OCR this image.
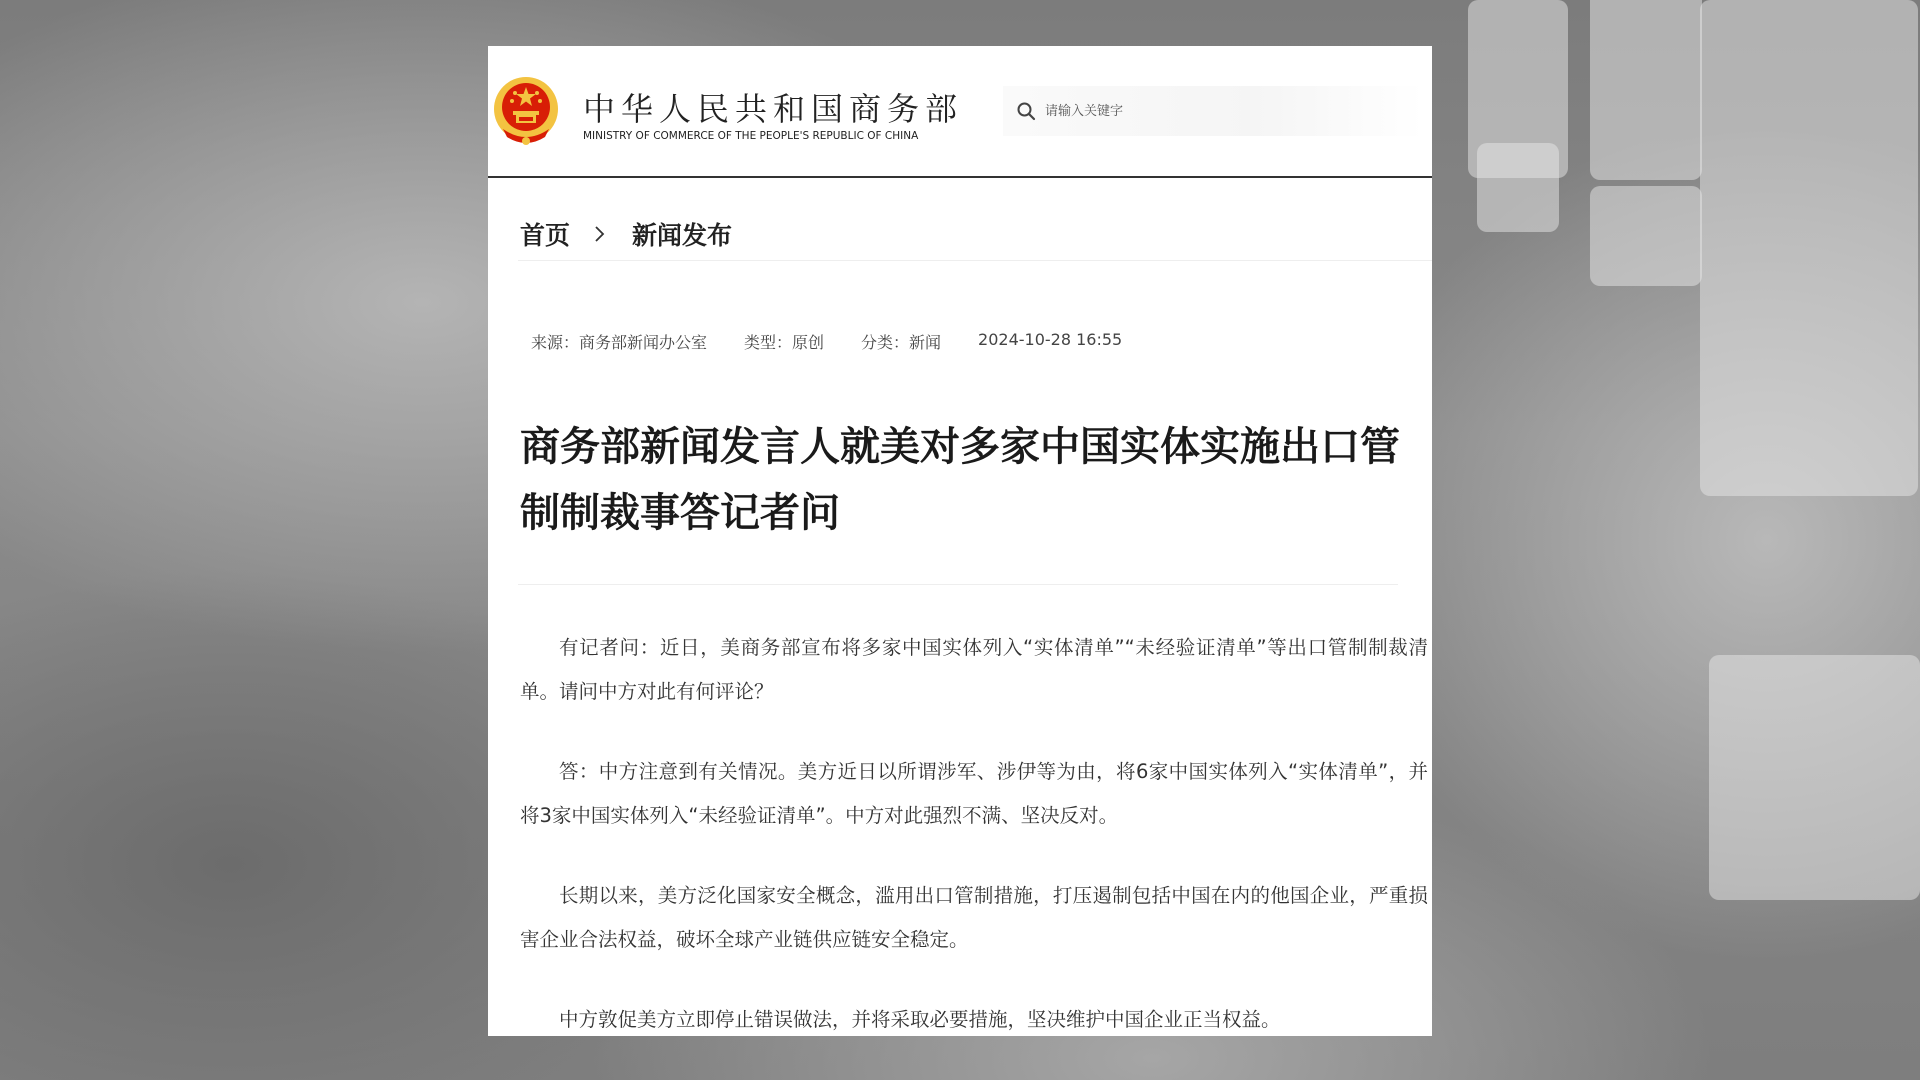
中华人民共和国商务部
MINISTRY OF COMMERCE OF THE PEOPLE'S REPUBLIC OF CHINA
请输入关键字
首页 新闻发布
来源：商务部新闻办公室 类型：原创 分类：新闻 2024-10-28 16:55
商务部新闻发言人就美对多家中国实体实施出口管制制裁事答记者问

有记者问：近日，美商务部宣布将多家中国实体列入“实体清单”“未经验证清单”等出口管制制裁清单。请问中方对此有何评论？

答：中方注意到有关情况。美方近日以所谓涉军、涉伊等为由，将6家中国实体列入“实体清单”，并将3家中国实体列入“未经验证清单”。中方对此强烈不满、坚决反对。

长期以来，美方泛化国家安全概念，滥用出口管制措施，打压遏制包括中国在内的他国企业，严重损害企业合法权益，破坏全球产业链供应链安全稳定。

中方敦促美方立即停止错误做法，并将采取必要措施，坚决维护中国企业正当权益。
